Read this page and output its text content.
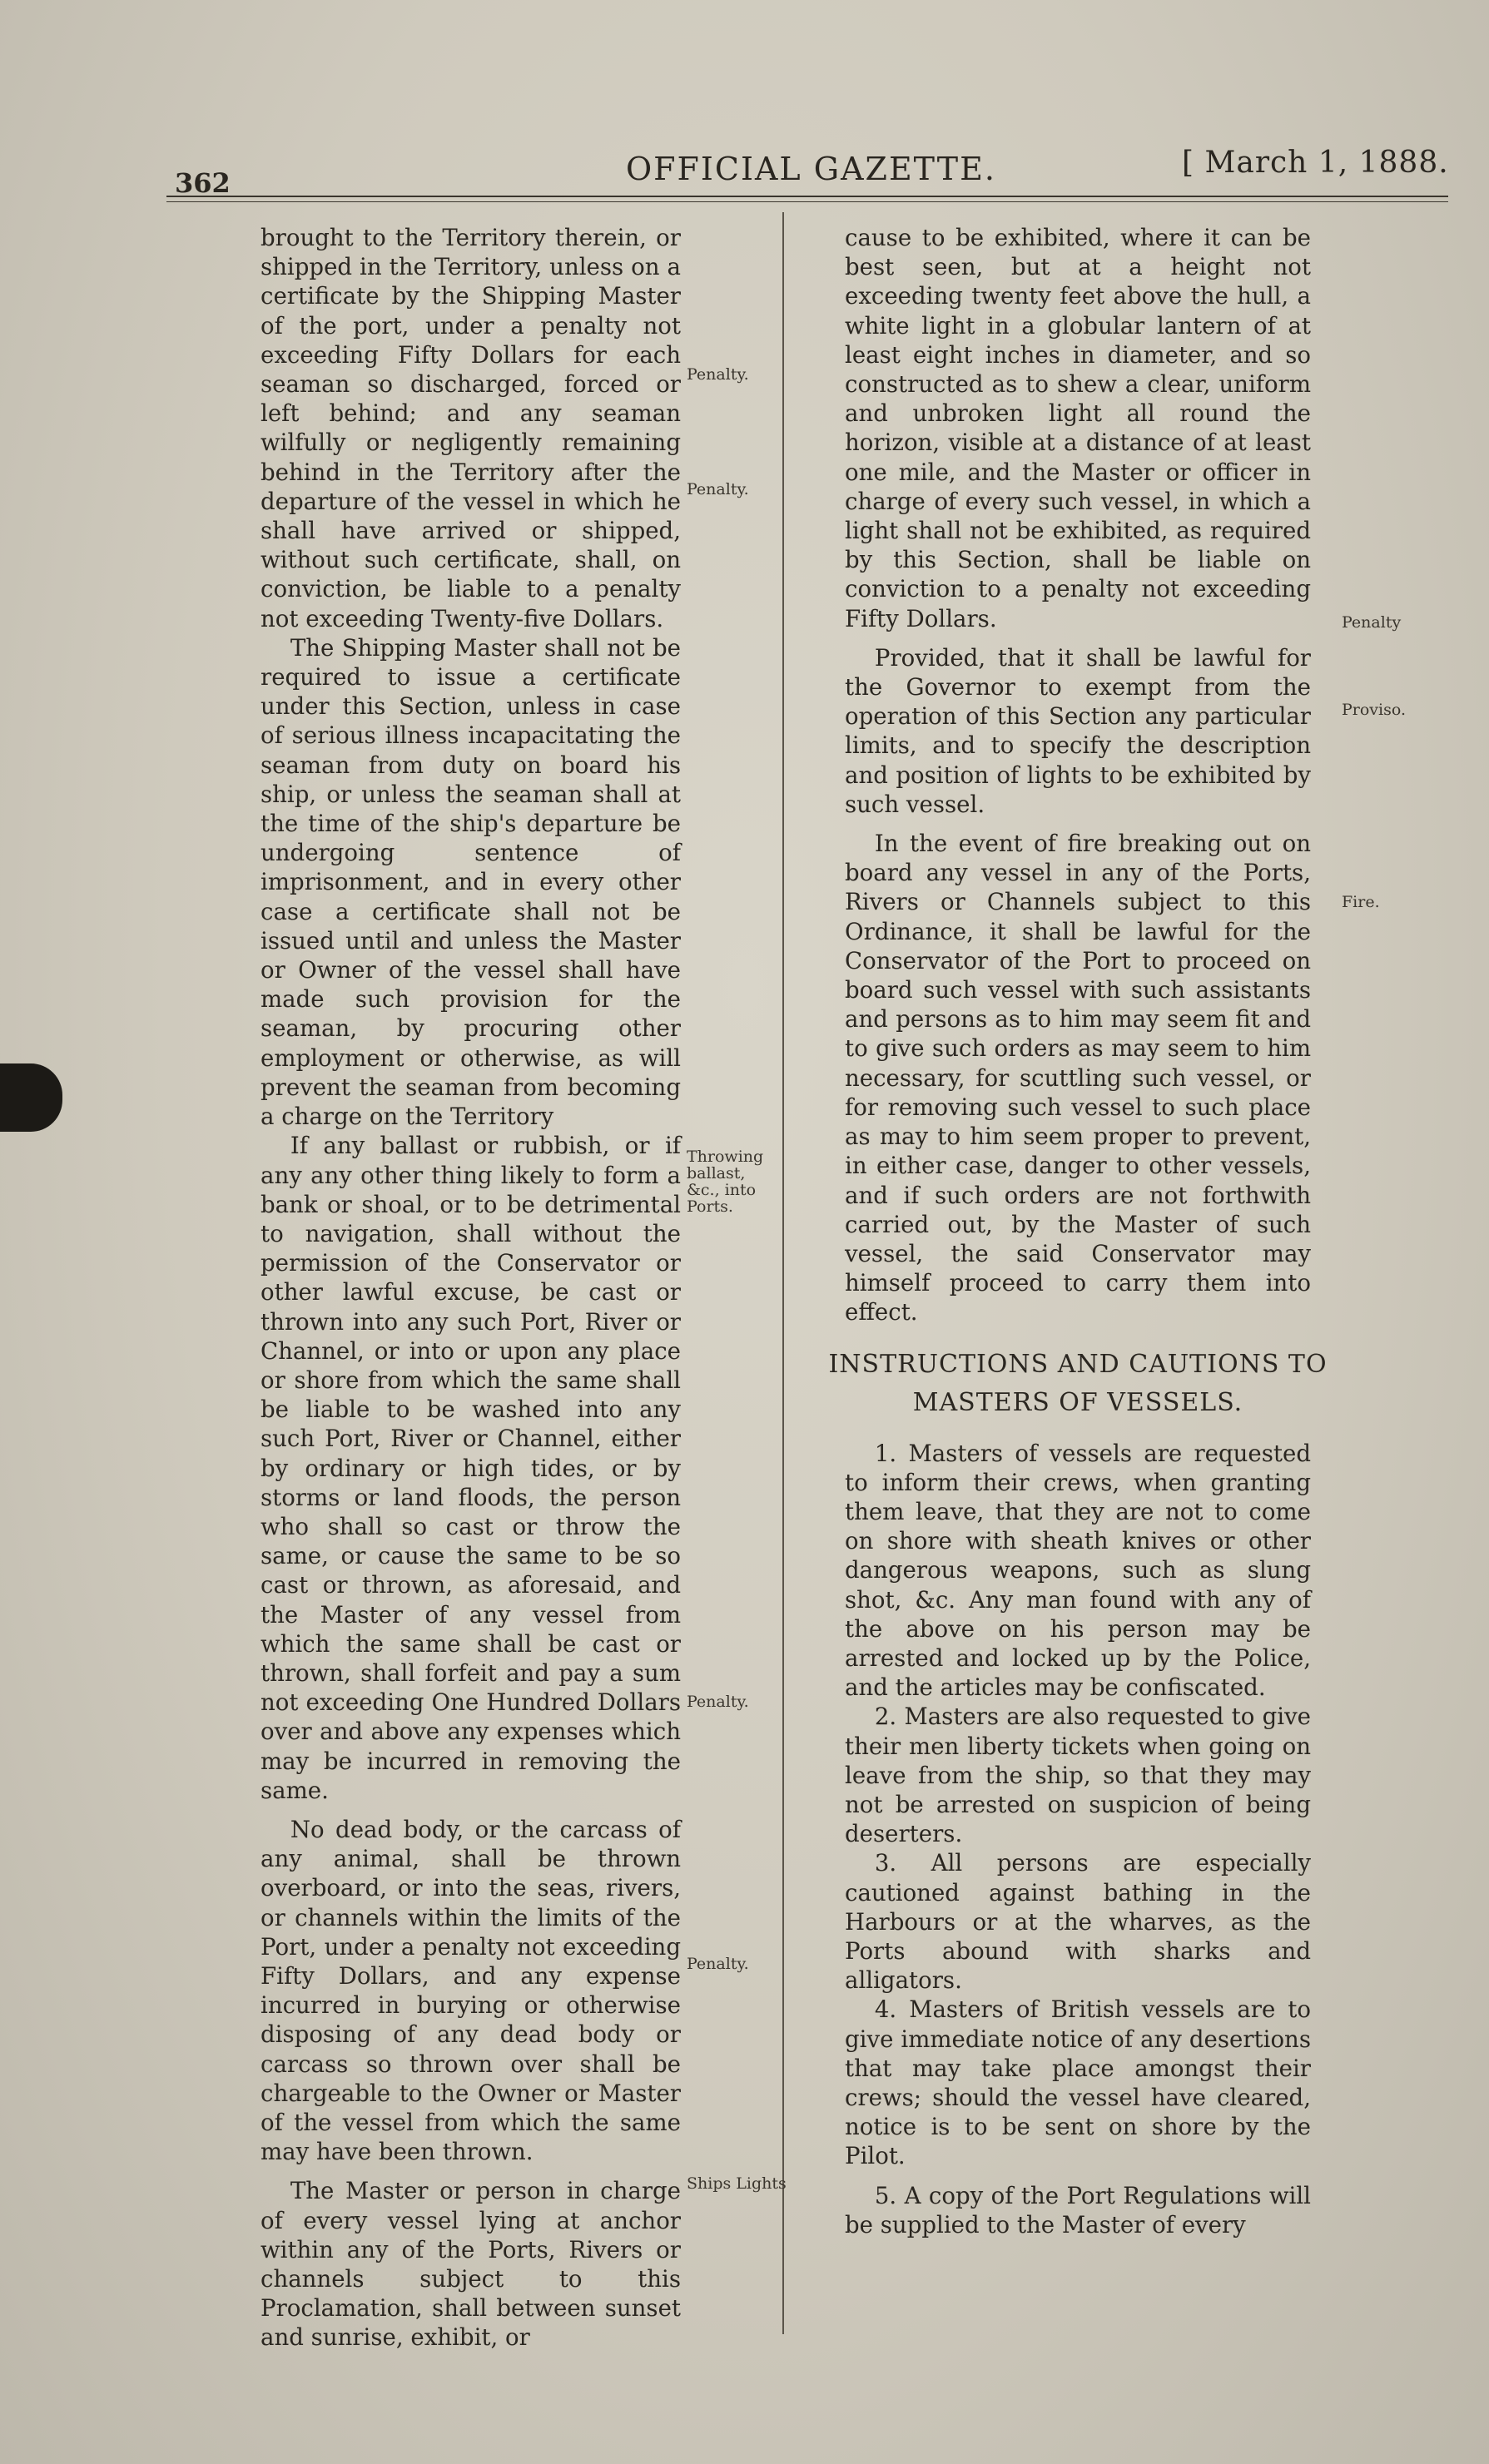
362	OFFICIAL GAZETTE.	[ March 1, 1888.

brought to the Territory therein, or shipped in the Territory, unless on a certificate by the Shipping Master of the port, under a penalty not exceeding Fifty Dollars for each seaman so discharged, forced or left behind; and any seaman wilfully or negligently remaining behind in the Territory after the departure of the vessel in which he shall have arrived or shipped, without such certificate, shall, on conviction, be liable to a penalty not exceeding Twenty-five Dollars.

The Shipping Master shall not be required to issue a certificate under this Section, unless in case of serious illness incapacitating the seaman from duty on board his ship, or unless the seaman shall at the time of the ship's departure be undergoing sentence of imprisonment, and in every other case a certificate shall not be issued until and unless the Master or Owner of the vessel shall have made such provision for the seaman, by procuring other employment or otherwise, as will prevent the seaman from becoming a charge on the Territory

If any ballast or rubbish, or if any any other thing likely to form a bank or shoal, or to be detrimental to navigation, shall without the permission of the Conservator or other lawful excuse, be cast or thrown into any such Port, River or Channel, or into or upon any place or shore from which the same shall be liable to be washed into any such Port, River or Channel, either by ordinary or high tides, or by storms or land floods, the person who shall so cast or throw the same, or cause the same to be so cast or thrown, as aforesaid, and the Master of any vessel from which the same shall be cast or thrown, shall forfeit and pay a sum not exceeding One Hundred Dollars over and above any expenses which may be incurred in removing the same.

No dead body, or the carcass of any animal, shall be thrown overboard, or into the seas, rivers, or channels within the limits of the Port, under a penalty not exceeding Fifty Dollars, and any expense incurred in burying or otherwise disposing of any dead body or carcass so thrown over shall be chargeable to the Owner or Master of the vessel from which the same may have been thrown.

The Master or person in charge of every vessel lying at anchor within any of the Ports, Rivers or channels subject to this Proclamation, shall between sunset and sunrise, exhibit, or

cause to be exhibited, where it can be best seen, but at a height not exceeding twenty feet above the hull, a white light in a globular lantern of at least eight inches in diameter, and so constructed as to shew a clear, uniform and unbroken light all round the horizon, visible at a distance of at least one mile, and the Master or officer in charge of every such vessel, in which a light shall not be exhibited, as required by this Section, shall be liable on conviction to a penalty not exceeding Fifty Dollars.

Provided, that it shall be lawful for the Governor to exempt from the operation of this Section any particular limits, and to specify the description and position of lights to be exhibited by such vessel.

In the event of fire breaking out on board any vessel in any of the Ports, Rivers or Channels subject to this Ordinance, it shall be lawful for the Conservator of the Port to proceed on board such vessel with such assistants and persons as to him may seem fit and to give such orders as may seem to him necessary, for scuttling such vessel, or for removing such vessel to such place as may to him seem proper to prevent, in either case, danger to other vessels, and if such orders are not forthwith carried out, by the Master of such vessel, the said Conservator may himself proceed to carry them into effect.

INSTRUCTIONS AND CAUTIONS TO MASTERS OF VESSELS.

1. Masters of vessels are requested to inform their crews, when granting them leave, that they are not to come on shore with sheath knives or other dangerous weapons, such as slung shot, &c. Any man found with any of the above on his person may be arrested and locked up by the Police, and the articles may be confiscated.

2. Masters are also requested to give their men liberty tickets when going on leave from the ship, so that they may not be arrested on suspicion of being deserters.

3. All persons are especially cautioned against bathing in the Harbours or at the wharves, as the Ports abound with sharks and alligators.

4. Masters of British vessels are to give immediate notice of any desertions that may take place amongst their crews; should the vessel have cleared, notice is to be sent on shore by the Pilot.

5. A copy of the Port Regulations will be supplied to the Master of every

Penalty.
Penalty.
Throwing ballast, &c., into Ports.
Penalty.
Penalty.
Ships Lights
Penalty
Proviso.
Fire.
